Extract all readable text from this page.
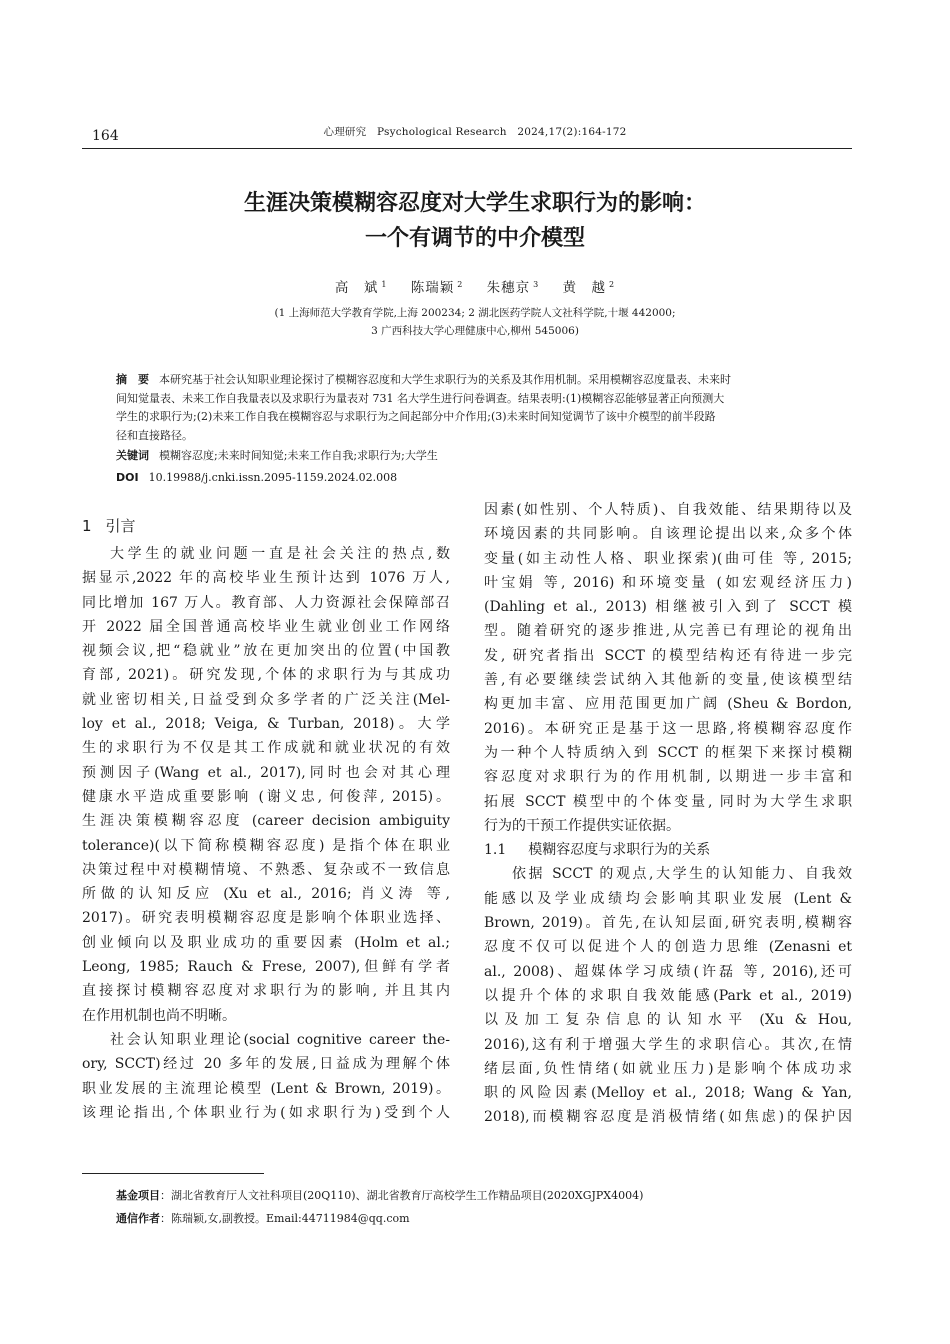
164	心理研究　Psychological Research　2024,17(2):164-172
生涯决策模糊容忍度对大学生求职行为的影响：
一个有调节的中介模型
高　斌 $^1$ 陈瑞颖 $^2$ 朱穗京 $^3$ 黄　越 $^2$
(1 上海师范大学教育学院,上海 200234; 2 湖北医药学院人文社科学院,十堰 442000;
3 广西科技大学心理健康中心,柳州 545006)
摘　要 本研究基于社会认知职业理论探讨了模糊容忍度和大学生求职行为的关系及其作用机制。采用模糊容忍度量表、未来时
间知觉量表、未来工作自我量表以及求职行为量表对 731 名大学生进行问卷调查。结果表明:(1)模糊容忍能够显著正向预测大
学生的求职行为;(2)未来工作自我在模糊容忍与求职行为之间起部分中介作用;(3)未来时间知觉调节了该中介模型的前半段路
径和直接路径。
关键词 模糊容忍度;未来时间知觉;未来工作自我;求职行为;大学生
DOI 10.19988/j.cnki.issn.2095-1159.2024.02.008
1 引言
大学生的就业问题一直是社会关注的热点,数
据显示,2022 年的高校毕业生预计达到 1076 万人,
同比增加 167 万人。教育部、人力资源社会保障部召
开 2022 届全国普通高校毕业生就业创业工作网络
视频会议,把“稳就业”放在更加突出的位置(中国教
育部, 2021)。研究发现,个体的求职行为与其成功
就业密切相关,日益受到众多学者的广泛关注(Mel-
loy et al., 2018; Veiga, & Turban, 2018)。大学
生的求职行为不仅是其工作成就和就业状况的有效
预测因子(Wang et al., 2017),同时也会对其心理
健康水平造成重要影响 (谢义忠, 何俊萍, 2015)。
生涯决策模糊容忍度 (career decision ambiguity
tolerance)(以下简称模糊容忍度) 是指个体在职业
决策过程中对模糊情境、不熟悉、复杂或不一致信息
所做的认知反应 (Xu et al., 2016; 肖义涛 等,
2017)。研究表明模糊容忍度是影响个体职业选择、
创业倾向以及职业成功的重要因素 (Holm et al.;
Leong, 1985; Rauch & Frese, 2007),但鲜有学者
直接探讨模糊容忍度对求职行为的影响, 并且其内
在作用机制也尚不明晰。
社会认知职业理论(social cognitive career the-
ory, SCCT)经过 20 多年的发展,日益成为理解个体
职业发展的主流理论模型 (Lent & Brown, 2019)。
该理论指出,个体职业行为(如求职行为)受到个人
因素(如性别、个人特质)、自我效能、结果期待以及
环境因素的共同影响。自该理论提出以来,众多个体
变量(如主动性人格、职业探索)(曲可佳 等, 2015;
叶宝娟 等, 2016) 和环境变量 (如宏观经济压力)
(Dahling et al., 2013) 相继被引入到了 SCCT 模
型。随着研究的逐步推进,从完善已有理论的视角出
发, 研究者指出 SCCT 的模型结构还有待进一步完
善,有必要继续尝试纳入其他新的变量,使该模型结
构更加丰富、应用范围更加广阔 (Sheu & Bordon,
2016)。本研究正是基于这一思路,将模糊容忍度作
为一种个人特质纳入到 SCCT 的框架下来探讨模糊
容忍度对求职行为的作用机制, 以期进一步丰富和
拓展 SCCT 模型中的个体变量, 同时为大学生求职
行为的干预工作提供实证依据。
1.1 模糊容忍度与求职行为的关系
依据 SCCT 的观点,大学生的认知能力、自我效
能感以及学业成绩均会影响其职业发展 (Lent &
Brown, 2019)。首先,在认知层面,研究表明,模糊容
忍度不仅可以促进个人的创造力思维 (Zenasni et
al., 2008)、超媒体学习成绩(许磊 等, 2016),还可
以提升个体的求职自我效能感(Park et al., 2019)
以及加工复杂信息的认知水平 (Xu & Hou,
2016),这有利于增强大学生的求职信心。其次,在情
绪层面,负性情绪(如就业压力)是影响个体成功求
职的风险因素(Melloy et al., 2018; Wang & Yan,
2018),而模糊容忍度是消极情绪(如焦虑)的保护因
基金项目：湖北省教育厅人文社科项目(20Q110)、湖北省教育厅高校学生工作精品项目(2020XGJPX4004)
通信作者：陈瑞颖,女,副教授。Email:44711984@qq.com
